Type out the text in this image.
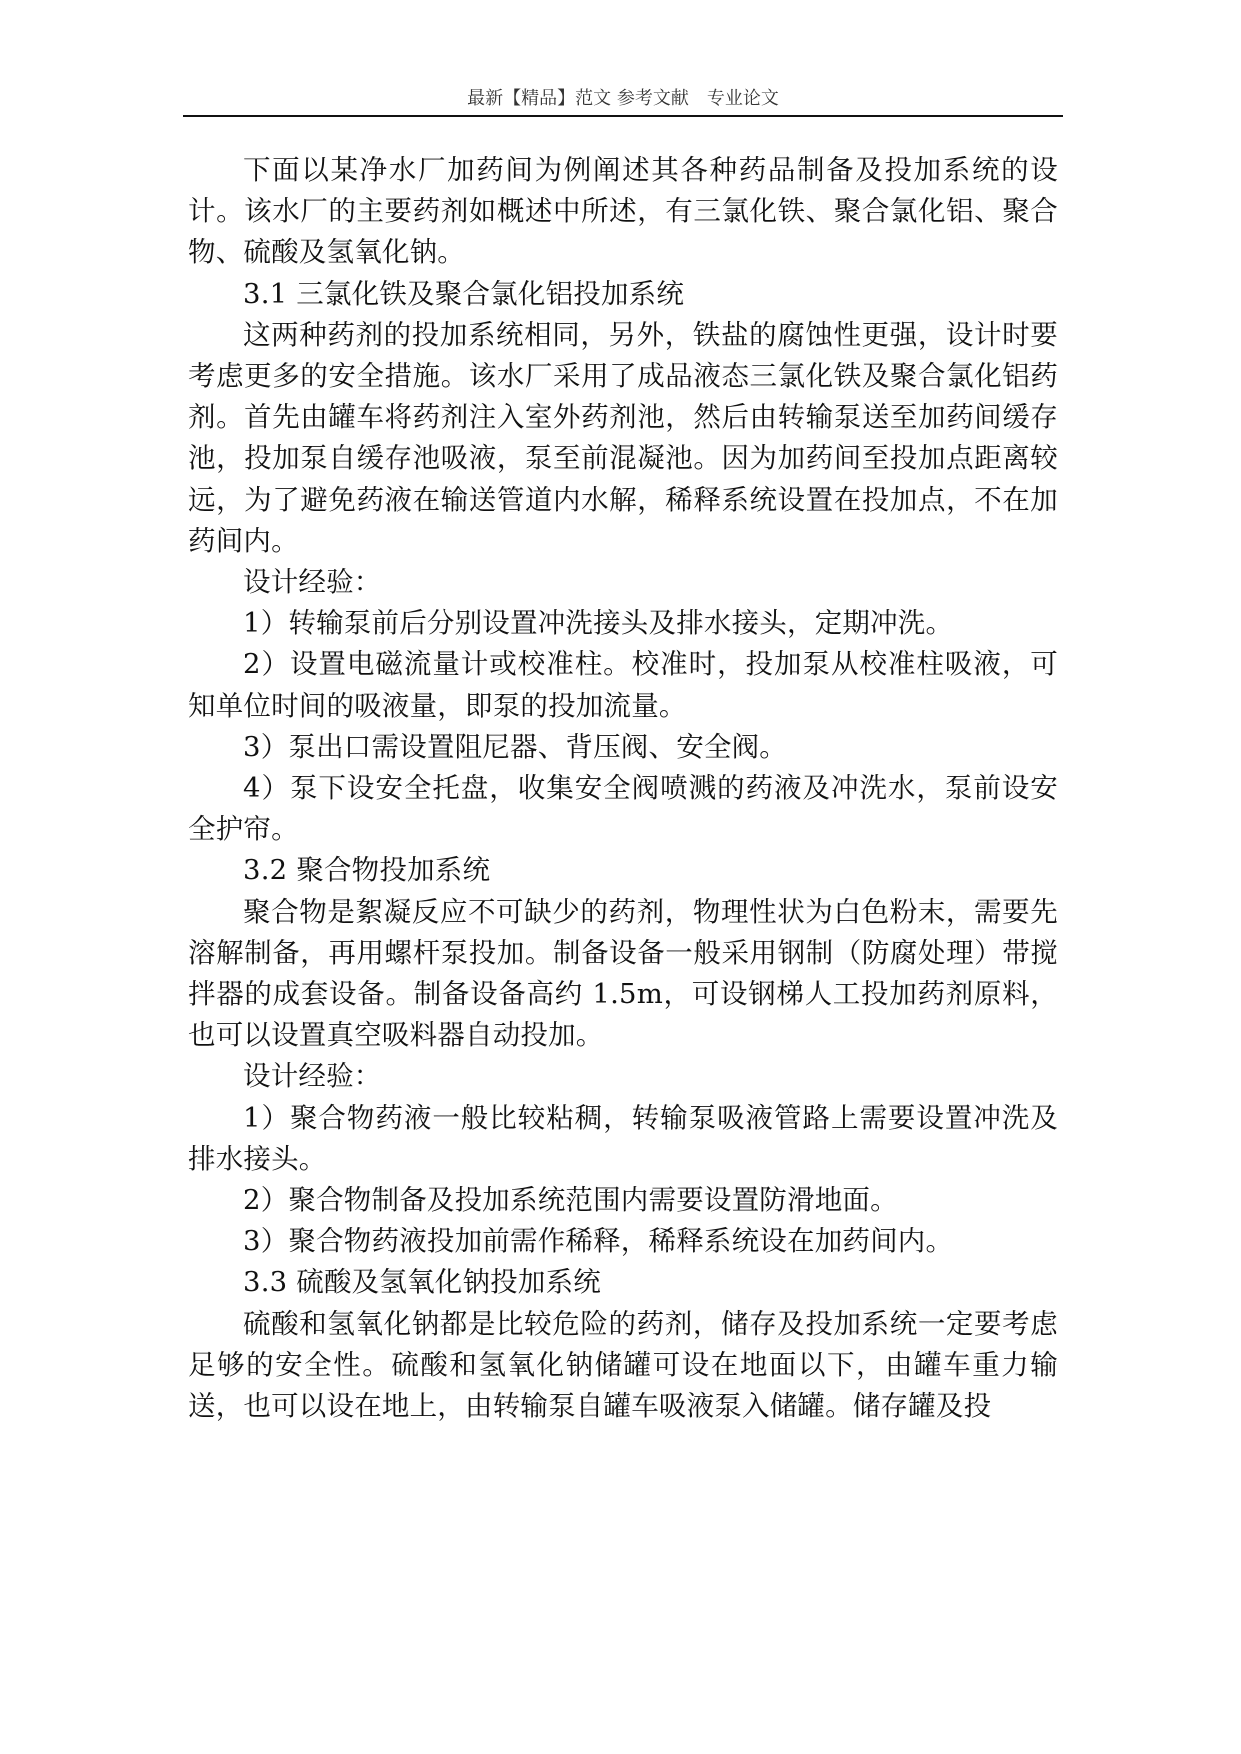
最新【精品】范文 参考文献　专业论文

下面以某净水厂加药间为例阐述其各种药品制备及投加系统的设计。该水厂的主要药剂如概述中所述，有三氯化铁、聚合氯化铝、聚合物、硫酸及氢氧化钠。

3.1 三氯化铁及聚合氯化铝投加系统

这两种药剂的投加系统相同，另外，铁盐的腐蚀性更强，设计时要考虑更多的安全措施。该水厂采用了成品液态三氯化铁及聚合氯化铝药剂。首先由罐车将药剂注入室外药剂池，然后由转输泵送至加药间缓存池，投加泵自缓存池吸液，泵至前混凝池。因为加药间至投加点距离较远，为了避免药液在输送管道内水解，稀释系统设置在投加点，不在加药间内。

设计经验：

1）转输泵前后分别设置冲洗接头及排水接头，定期冲洗。

2）设置电磁流量计或校准柱。校准时，投加泵从校准柱吸液，可知单位时间的吸液量，即泵的投加流量。

3）泵出口需设置阻尼器、背压阀、安全阀。

4）泵下设安全托盘，收集安全阀喷溅的药液及冲洗水，泵前设安全护帘。

3.2 聚合物投加系统

聚合物是絮凝反应不可缺少的药剂，物理性状为白色粉末，需要先溶解制备，再用螺杆泵投加。制备设备一般采用钢制（防腐处理）带搅拌器的成套设备。制备设备高约 1.5m，可设钢梯人工投加药剂原料，也可以设置真空吸料器自动投加。

设计经验：

1）聚合物药液一般比较粘稠，转输泵吸液管路上需要设置冲洗及排水接头。

2）聚合物制备及投加系统范围内需要设置防滑地面。

3）聚合物药液投加前需作稀释，稀释系统设在加药间内。

3.3 硫酸及氢氧化钠投加系统

硫酸和氢氧化钠都是比较危险的药剂，储存及投加系统一定要考虑足够的安全性。硫酸和氢氧化钠储罐可设在地面以下，由罐车重力输送，也可以设在地上，由转输泵自罐车吸液泵入储罐。储存罐及投
